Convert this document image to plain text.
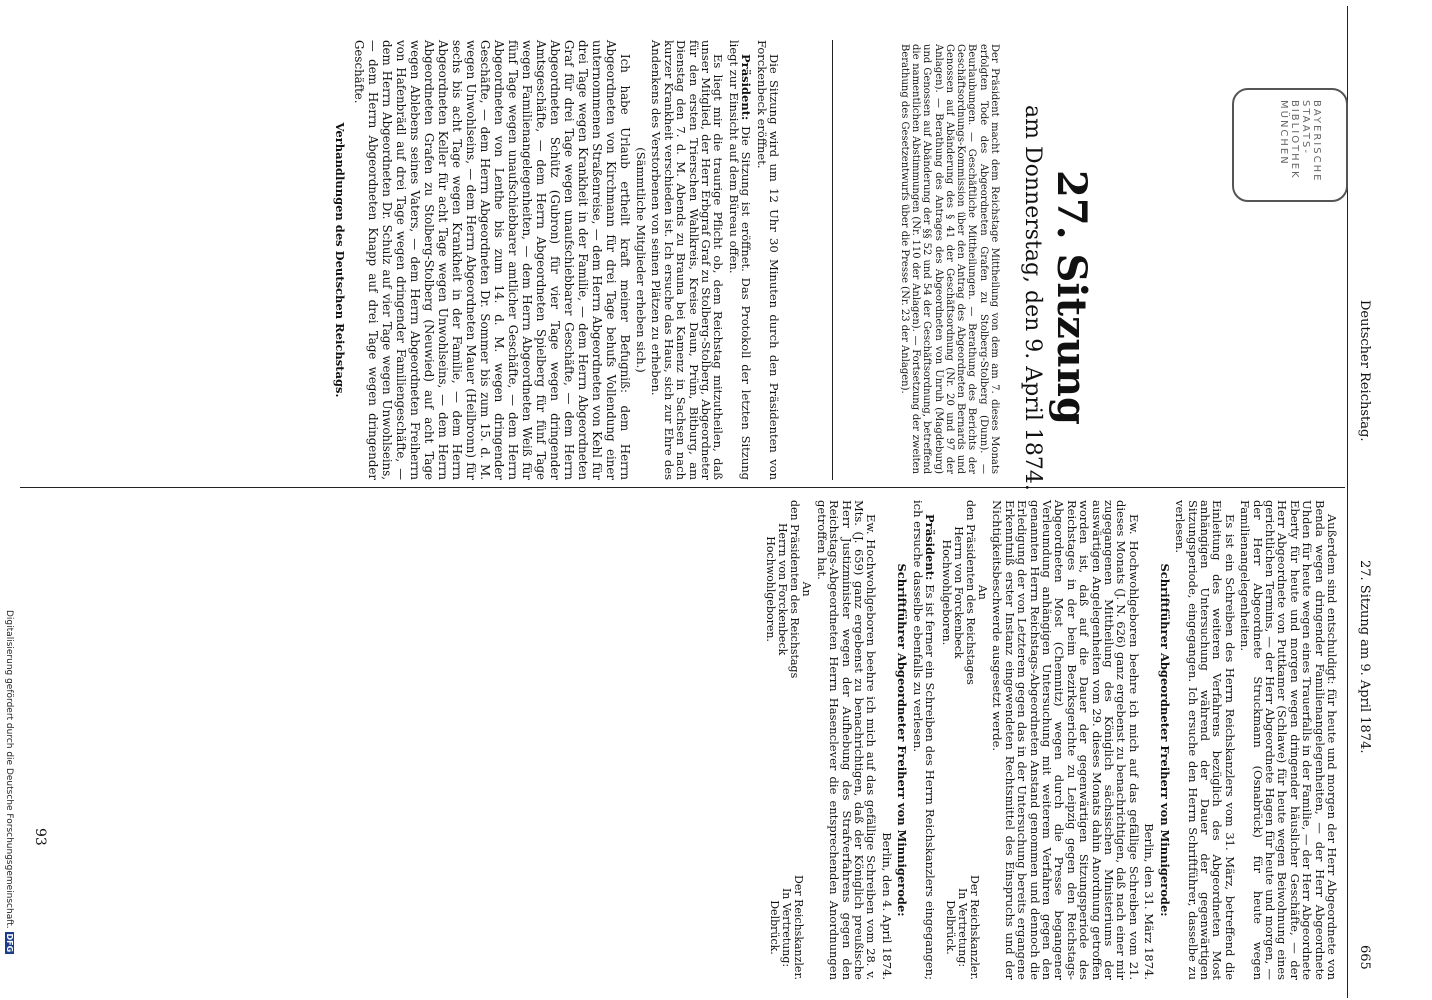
BAYERISCHE
STAATS-
BIBLIOTHEK
MÜNCHEN
Deutscher Reichstag.
27. Sitzung am 9. April 1874.
665
27. Sitzung
am Donnerstag, den 9. April 1874.

Der Präsident macht dem Reichstage Mittheilung von dem am 7. dieses Monats erfolgten Tode des Abgeordneten Grafen zu Stolberg-Stolberg (Dunn). — Beurlaubungen. — Geschäftliche Mittheilungen. — Berathung des Berichts der Geschäftsordnungs-Kommission über den Antrag des Abgeordneten Bernards und Genossen auf Abänderung des § 41 der Geschäftsordnung (Nr. 20 und 97 der Anlagen). — Berathung des Antrages des Abgeordneten von Unruh (Magdeburg) und Genossen auf Abänderung der §§ 52 und 54 der Geschäftsordnung, betreffend die namentlichen Abstimmungen (Nr. 110 der Anlagen). — Fortsetzung der zweiten Berathung des Gesetzentwurfs über die Presse (Nr. 23 der Anlagen).

Die Sitzung wird um 12 Uhr 30 Minuten durch den Präsidenten von Forckenbeck eröffnet.

Präsident: Die Sitzung ist eröffnet. Das Protokoll der letzten Sitzung liegt zur Einsicht auf dem Büreau offen.

Es liegt mir die traurige Pflicht ob, dem Reichstag mitzutheilen, daß unser Mitglied, der Herr Erbgraf Graf zu Stolberg-Stolberg, Abgeordneter für den ersten Trierschen Wahlkreis, Kreise Daun, Prüm, Bitburg, am Dienstag den 7. d. M. Abends zu Brauna bei Kamenz in Sachsen nach kurzer Krankheit verschieden ist. Ich ersuche das Haus, sich zur Ehre des Andenkens des Verstorbenen von seinen Plätzen zu erheben.

(Sämmtliche Mitglieder erheben sich.)

Ich habe Urlaub ertheilt kraft meiner Befugniß: dem Herrn Abgeordneten von Kirchmann für drei Tage behufs Vollendung einer unternommenen Straßenreise, — dem Herrn Abgeordneten von Kehl für drei Tage wegen Krankheit in der Familie, — dem Herrn Abgeordneten Graf für drei Tage wegen unaufschiebbarer Geschäfte, — dem Herrn Abgeordneten Schütz (Gubron) für vier Tage wegen dringender Amtsgeschäfte, — dem Herrn Abgeordneten Spielberg für fünf Tage wegen Familienangelegenheiten, — dem Herrn Abgeordneten Weiß für fünf Tage wegen unaufschiebbarer amtlicher Geschäfte, — dem Herrn Abgeordneten von Lenthe bis zum 14. d. M. wegen dringender Geschäfte, — dem Herrn Abgeordneten Dr. Sommer bis zum 15. d. M. wegen Unwohlseins, — dem Herrn Abgeordneten Mauer (Heilbronn) für sechs bis acht Tage wegen Krankheit in der Familie, — dem Herrn Abgeordneten Keller für acht Tage wegen Unwohlseins, — dem Herrn Abgeordneten Grafen zu Stolberg-Stolberg (Neuwied) auf acht Tage wegen Ablebens seines Vaters, — dem Herrn Abgeordneten Freiherrn von Hafenbrädl auf drei Tage wegen dringender Familiengeschäfte, — dem Herrn Abgeordneten Dr. Schulz auf vier Tage wegen Unwohlseins, — dem Herrn Abgeordneten Knapp auf drei Tage wegen dringender Geschäfte.

Verhandlungen des Deutschen Reichstags.

Außerdem sind entschuldigt: für heute und morgen der Herr Abgeordnete von Benda wegen dringender Familienangelegenheiten, — der Herr Abgeordnete Uhden für heute wegen eines Trauerfalls in der Familie, — der Herr Abgeordnete Eberty für heute und morgen wegen dringender häuslicher Geschäfte, — der Herr Abgeordnete von Puttkamer (Schlawe) für heute wegen Beiwohnung eines gerichtlichen Termins, — der Herr Abgeordnete Hagen für heute und morgen, — der Herr Abgeordnete Struckmann (Osnabrück) für heute wegen Familienangelegenheiten.

Es ist ein Schreiben des Herrn Reichskanzlers vom 31. März, betreffend die Einleitung des weiteren Verfahrens bezüglich des Abgeordneten Most anhängigen Untersuchung während der Dauer der gegenwärtigen Sitzungsperiode, eingegangen. Ich ersuche den Herrn Schriftführer, dasselbe zu verlesen.

Schriftführer Abgeordneter Freiherr von Minnigerode:

Berlin, den 31. März 1874.

Ew. Hochwohlgeboren beehre ich mich auf das gefällige Schreiben vom 21. dieses Monats (J. N. 626) ganz ergebenst zu benachrichtigen, daß nach einer mir zugegangenen Mittheilung des Königlich sächsischen Ministeriums der auswärtigen Angelegenheiten vom 29. dieses Monats dahin Anordnung getroffen worden ist, daß auf die Dauer der gegenwärtigen Sitzungsperiode des Reichstages in der beim Bezirksgerichte zu Leipzig gegen den Reichstags-Abgeordneten Most (Chemnitz) wegen durch die Presse begangener Verleumdung anhängigen Untersuchung mit weiterem Verfahren gegen den genannten Herrn Reichstags-Abgeordneten Anstand genommen und dennoch die Erledigung der von Letzterem gegen das in der Untersuchung bereits ergangene Erkenntniß erster Instanz eingewendeten Rechtsmittel des Einspruchs und der Nichtigkeitsbeschwerde ausgesetzt werde.

An
den Präsidenten des Reichstages
Herrn von Forckenbeck
Hochwohlgeboren.
Der Reichskanzler.
In Vertretung:
Delbrück.

Präsident: Es ist ferner ein Schreiben des Herrn Reichskanzlers eingegangen; ich ersuche dasselbe ebenfalls zu verlesen.

Schriftführer Abgeordneter Freiherr von Minnigerode:

Berlin, den 4. April 1874.

Ew. Hochwohlgeboren beehre ich mich auf das gefällige Schreiben vom 28. v. Mts. (J. 659) ganz ergebenst zu benachrichtigen, daß der Königlich preußische Herr Justizminister wegen der Aufhebung des Strafverfahrens gegen den Reichstags-Abgeordneten Herrn Hasenclever die entsprechenden Anordnungen getroffen hat.

An
den Präsidenten des Reichstags
Herrn von Forckenbeck
Hochwohlgeboren.
Der Reichskanzler.
In Vertretung:
Delbrück.
93
Digitalisierung gefördert durch die Deutsche Forschungsgemeinschaft. DFG
